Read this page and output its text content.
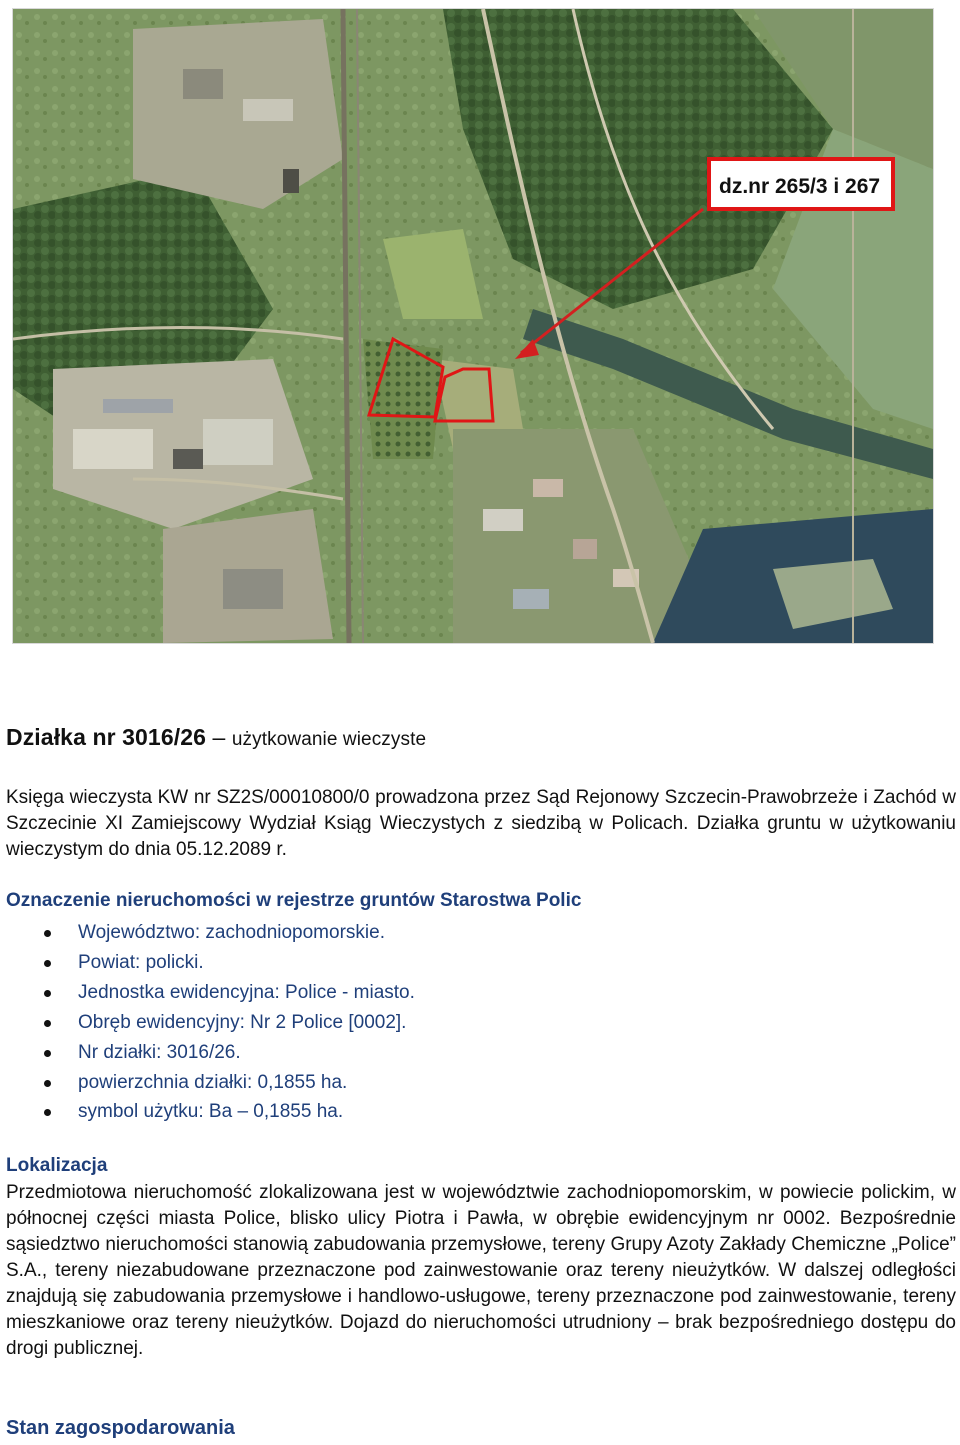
dz.nr 265/3 i 267
Działka nr 3016/26 – użytkowanie wieczyste

Księga wieczysta KW nr SZ2S/00010800/0 prowadzona przez Sąd Rejonowy Szczecin-Prawobrzeże i Zachód w Szczecinie XI Zamiejscowy Wydział Ksiąg Wieczystych z siedzibą w Policach. Działka gruntu w użytkowaniu wieczystym do dnia 05.12.2089 r.

Oznaczenie nieruchomości w rejestrze gruntów Starostwa Polic

Województwo: zachodniopomorskie.
Powiat: policki.
Jednostka ewidencyjna: Police - miasto.
Obręb ewidencyjny: Nr 2 Police [0002].
Nr działki: 3016/26.
powierzchnia działki: 0,1855 ha.
symbol użytku: Ba – 0,1855 ha.

Lokalizacja

Przedmiotowa nieruchomość zlokalizowana jest w województwie zachodniopomorskim, w powiecie polickim, w północnej części miasta Police, blisko ulicy Piotra i Pawła, w obrębie ewidencyjnym nr 0002. Bezpośrednie sąsiedztwo nieruchomości stanowią zabudowania przemysłowe, tereny Grupy Azoty Zakłady Chemiczne „Police” S.A., tereny niezabudowane przeznaczone pod zainwestowanie oraz tereny nieużytków. W dalszej odległości znajdują się zabudowania przemysłowe i handlowo-usługowe, tereny przeznaczone pod zainwestowanie, tereny mieszkaniowe oraz tereny nieużytków. Dojazd do nieruchomości utrudniony – brak bezpośredniego dostępu do drogi publicznej.

Stan zagospodarowania
